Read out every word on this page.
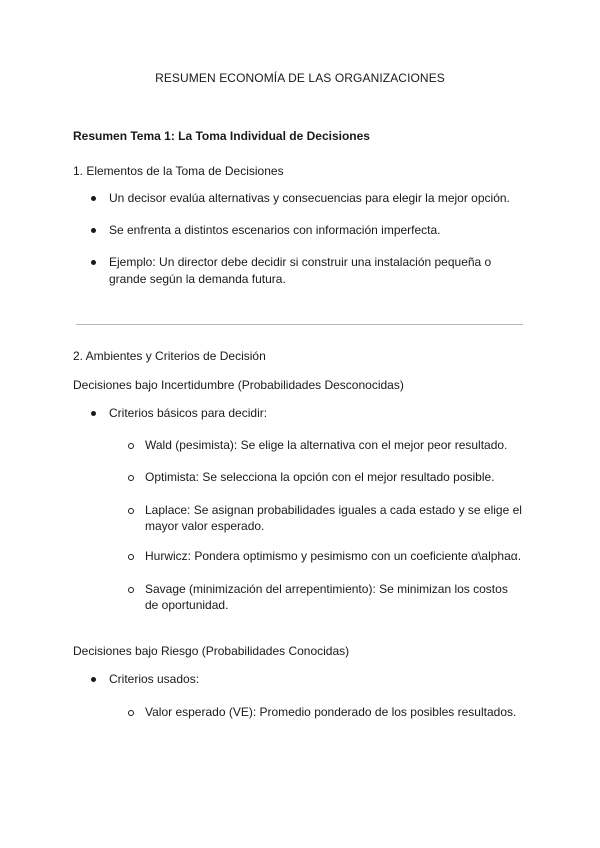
RESUMEN ECONOMÍA DE LAS ORGANIZACIONES
Resumen Tema 1: La Toma Individual de Decisiones
1. Elementos de la Toma de Decisiones
Un decisor evalúa alternativas y consecuencias para elegir la mejor opción.
Se enfrenta a distintos escenarios con información imperfecta.
Ejemplo: Un director debe decidir si construir una instalación pequeña o
grande según la demanda futura.
2. Ambientes y Criterios de Decisión
Decisiones bajo Incertidumbre (Probabilidades Desconocidas)
Criterios básicos para decidir:
Wald (pesimista): Se elige la alternativa con el mejor peor resultado.
Optimista: Se selecciona la opción con el mejor resultado posible.
Laplace: Se asignan probabilidades iguales a cada estado y se elige el
mayor valor esperado.
Hurwicz: Pondera optimismo y pesimismo con un coeficiente α\alphaα.
Savage (minimización del arrepentimiento): Se minimizan los costos
de oportunidad.
Decisiones bajo Riesgo (Probabilidades Conocidas)
Criterios usados:
Valor esperado (VE): Promedio ponderado de los posibles resultados.
